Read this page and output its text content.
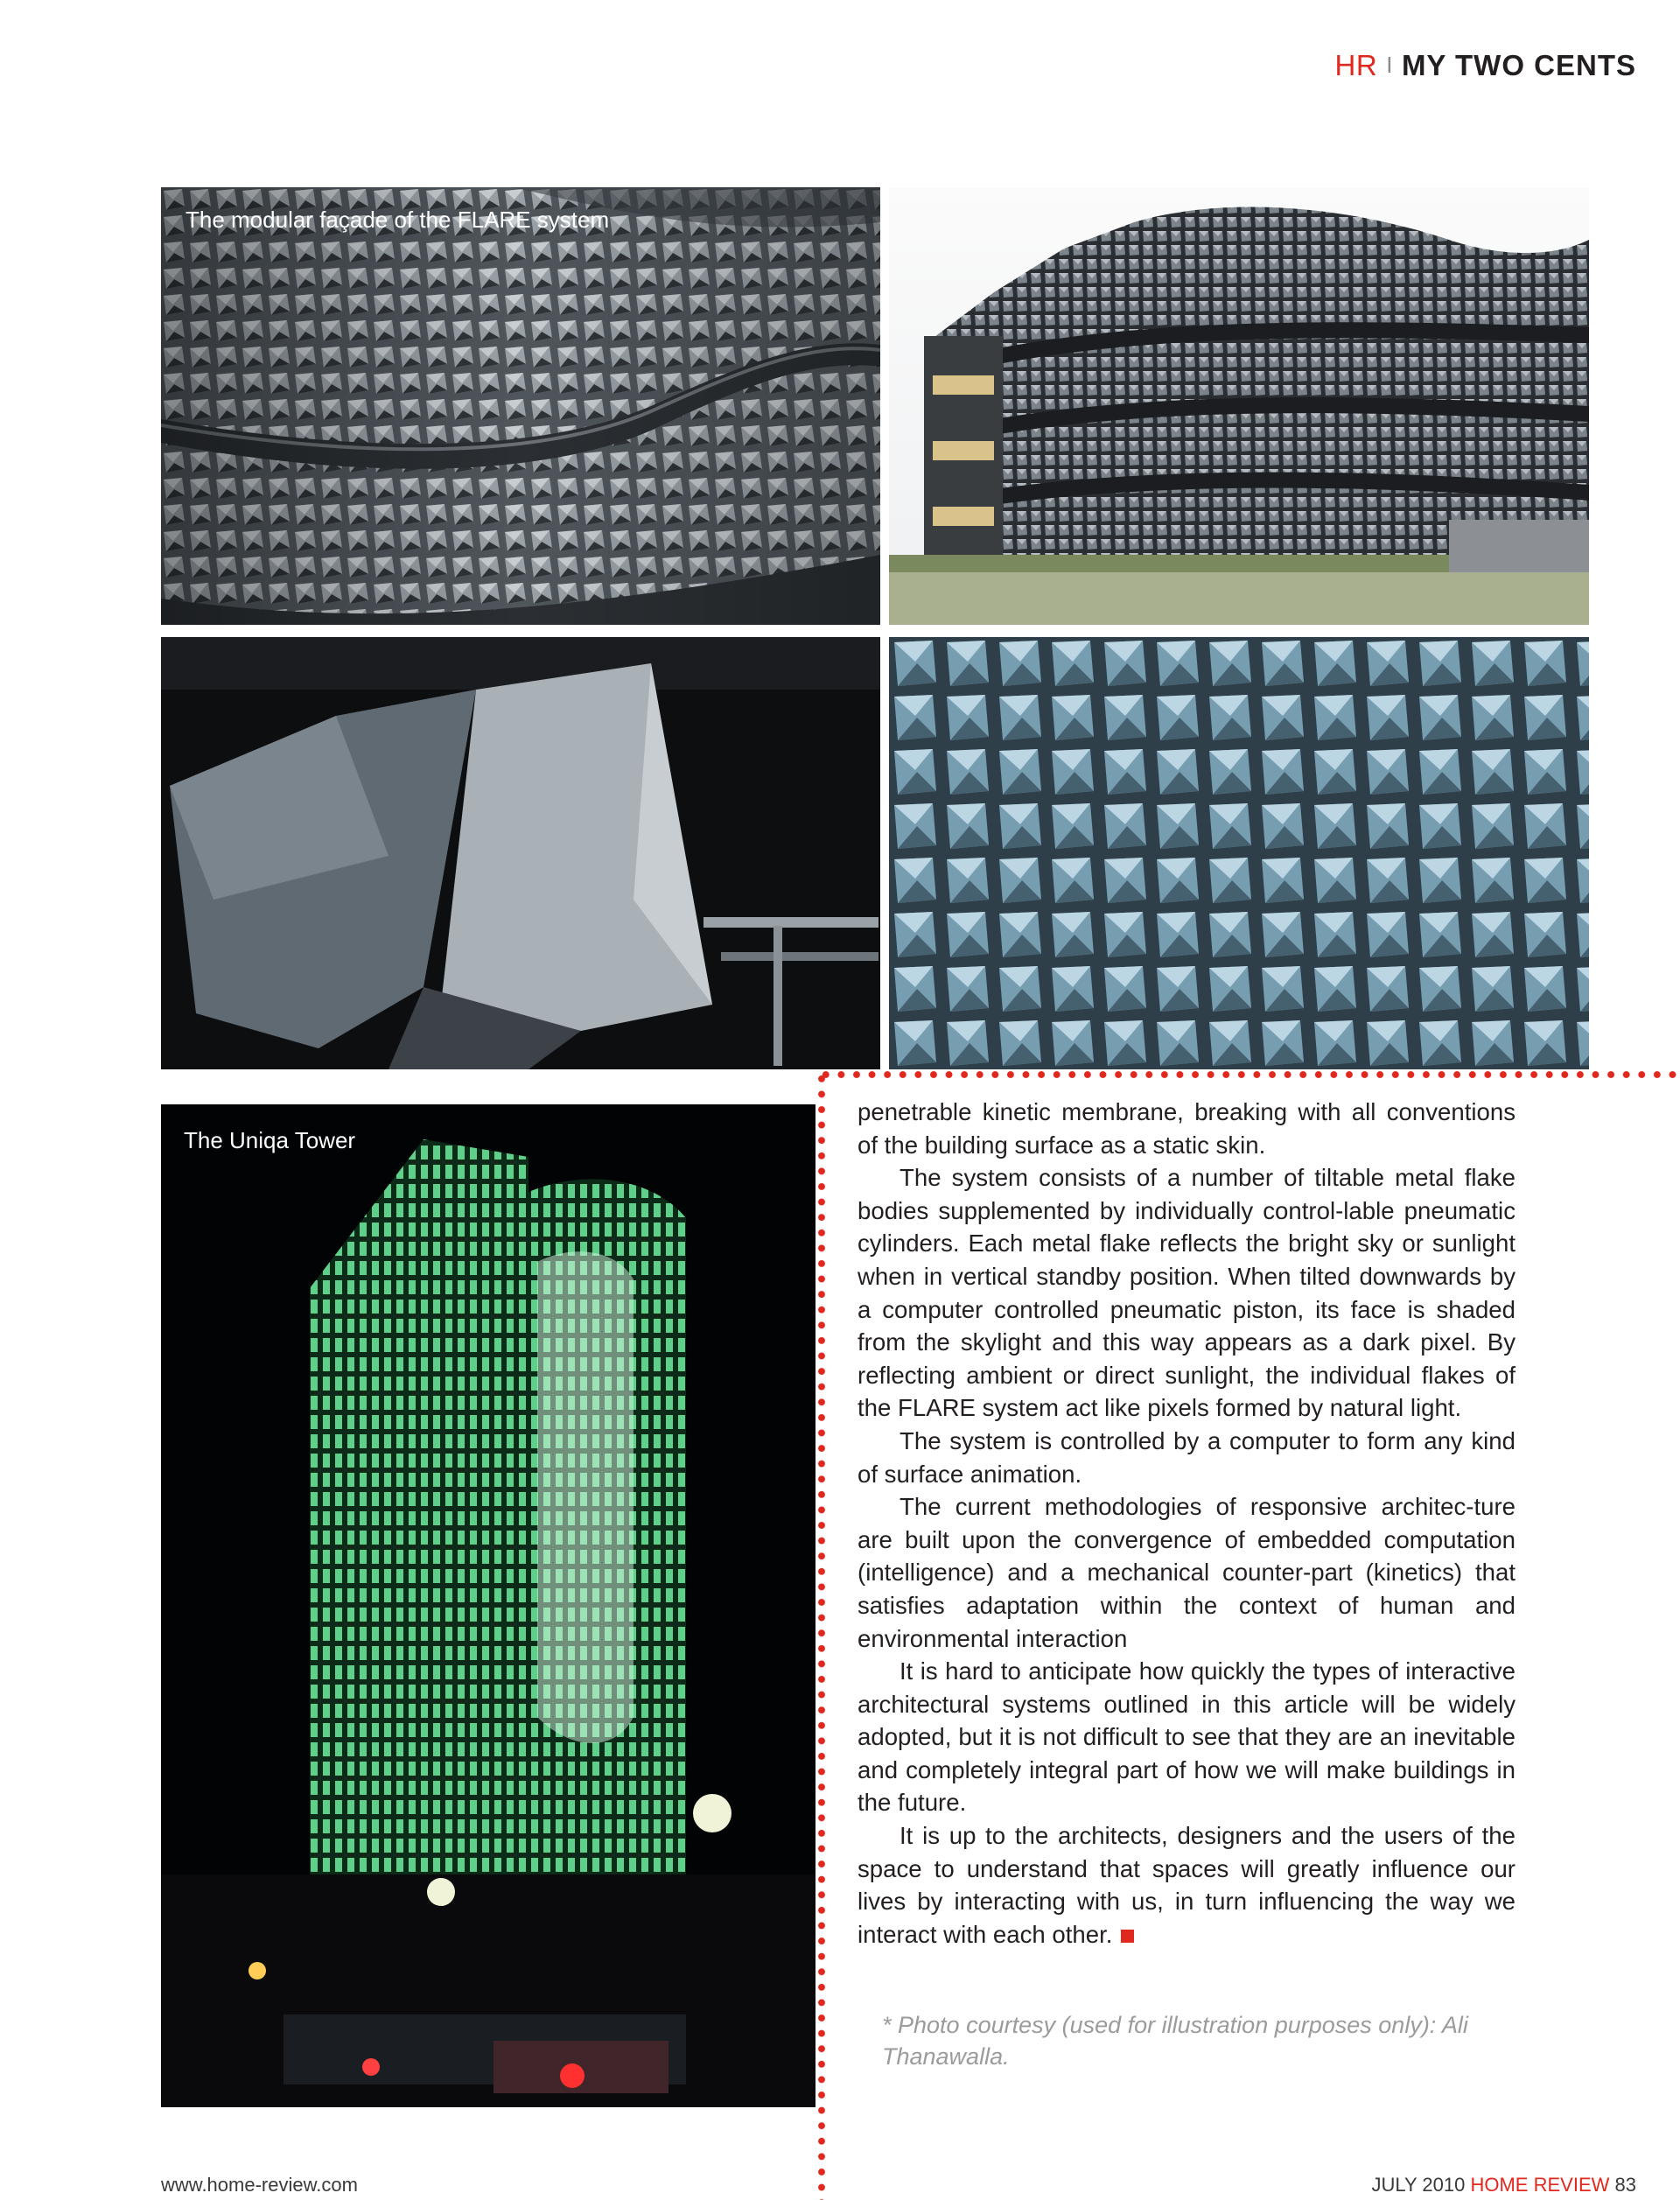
HR I MY TWO CENTS
The modular façade of the FLARE system
The Uniqa Tower

penetrable kinetic membrane, breaking with all conventions of the building surface as a static skin.

The system consists of a number of tiltable metal flake bodies supplemented by individually control-lable pneumatic cylinders. Each metal flake reflects the bright sky or sunlight when in vertical standby position. When tilted downwards by a computer controlled pneumatic piston, its face is shaded from the skylight and this way appears as a dark pixel. By reflecting ambient or direct sunlight, the individual flakes of the FLARE system act like pixels formed by natural light.

The system is controlled by a computer to form any kind of surface animation.

The current methodologies of responsive architec-ture are built upon the convergence of embedded computation (intelligence) and a mechanical counter-part (kinetics) that satisfies adaptation within the context of human and environmental interaction

It is hard to anticipate how quickly the types of interactive architectural systems outlined in this article will be widely adopted, but it is not difficult to see that they are an inevitable and completely integral part of how we will make buildings in the future.

It is up to the architects, designers and the users of the space to understand that spaces will greatly influence our lives by interacting with us, in turn influencing the way we interact with each other.

* Photo courtesy (used for illustration purposes only): Ali Thanawalla.
www.home-review.com	JULY 2010 HOME REVIEW 83
